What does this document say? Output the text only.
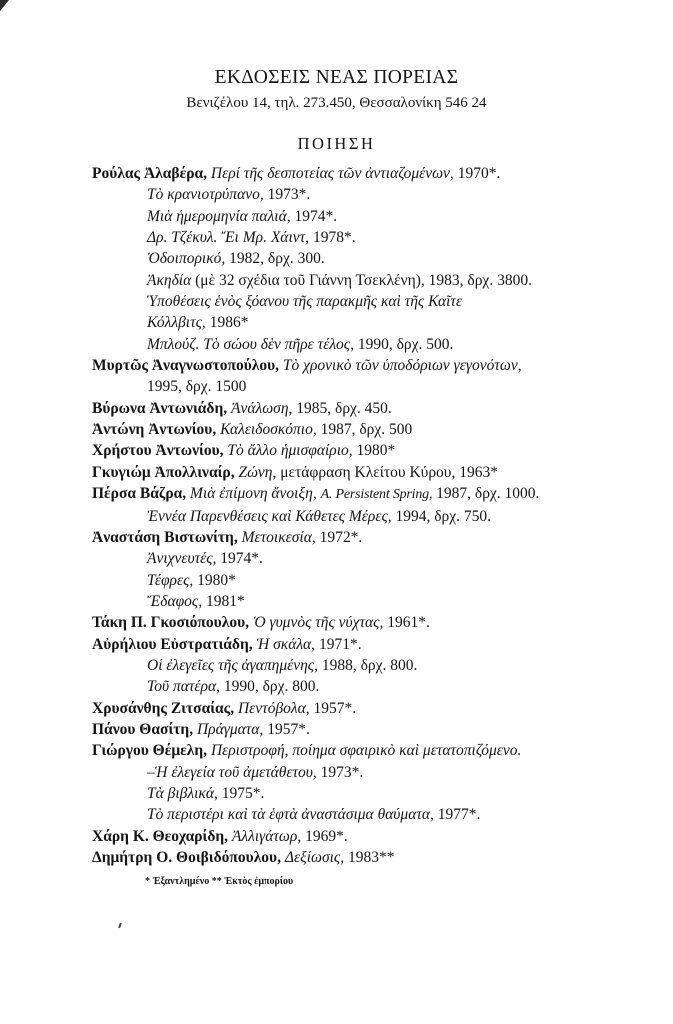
ΕΚΔΟΣΕΙΣ ΝΕΑΣ ΠΟΡΕΙΑΣ
Βενιζέλου 14, τηλ. 273.450, Θεσσαλονίκη 546 24
ΠΟΙΗΣΗ
Ρούλας Ἀλαβέρα, Περί τῆς δεσποτείας τῶν ἀντιαζομένων, 1970*.
Τὸ κρανιοτρύπανο, 1973*.
Μιὰ ἡμερομηνία παλιά, 1974*.
Δρ. Τζέκυλ. Ἔι Μρ. Χάιντ, 1978*.
Ὁδοιπορικό, 1982, δρχ. 300.
Ἀκηδία (μὲ 32 σχέδια τοῦ Γιάννη Τσεκλένη), 1983, δρχ. 3800.
Ὑποθέσεις ἑνὸς ξόανου τῆς παρακμῆς καὶ τῆς Καῖτε
Κόλλβιτς, 1986*
Μπλούζ. Τὸ σώου δὲν πῆρε τέλος, 1990, δρχ. 500.
Μυρτῶς Ἀναγνωστοπούλου, Τὸ χρονικὸ τῶν ὑποδόριων γεγονότων,
1995, δρχ. 1500
Βύρωνα Ἀντωνιάδη, Ἀνάλωση, 1985, δρχ. 450.
Ἀντώνη Ἀντωνίου, Καλειδοσκόπιο, 1987, δρχ. 500
Χρήστου Ἀντωνίου, Τὸ ἄλλο ἡμισφαίριο, 1980*
Γκυγιώμ Ἀπολλιναίρ, Ζώνη, μετάφραση Κλείτου Κύρου, 1963*
Πέρσα Βάζρα, Μιὰ ἐπίμονη ἄνοιξη, A. Persistent Spring, 1987, δρχ. 1000.
Ἐννέα Παρενθέσεις καὶ Κάθετες Μέρες, 1994, δρχ. 750.
Ἀναστάση Βιστωνίτη, Μετοικεσία, 1972*.
Ἀνιχνευτές, 1974*.
Τέφρες, 1980*
Ἔδαφος, 1981*
Τάκη Π. Γκοσιόπουλου, Ὁ γυμνὸς τῆς νύχτας, 1961*.
Αὐρήλιου Εὐστρατιάδη, Ἡ σκάλα, 1971*.
Οἱ ἐλεγεῖες τῆς ἀγαπημένης, 1988, δρχ. 800.
Τοῦ πατέρα, 1990, δρχ. 800.
Χρυσάνθης Ζιτσαίας, Πεντόβολα, 1957*.
Πάνου Θασίτη, Πράγματα, 1957*.
Γιώργου Θέμελη, Περιστροφή, ποίημα σφαιρικὸ καὶ μετατοπιζόμενο.
–Ἡ ἐλεγεία τοῦ ἀμετάθετου, 1973*.
Τὰ βιβλικά, 1975*.
Τὸ περιστέρι καὶ τὰ ἑφτὰ ἀναστάσιμα θαύματα, 1977*.
Χάρη Κ. Θεοχαρίδη, Ἀλλιγάτωρ, 1969*.
Δημήτρη Ο. Θοιβιδόπουλου, Δεξίωσις, 1983**
* Ἐξαντλημένο ** Ἐκτὸς ἐμπορίου
